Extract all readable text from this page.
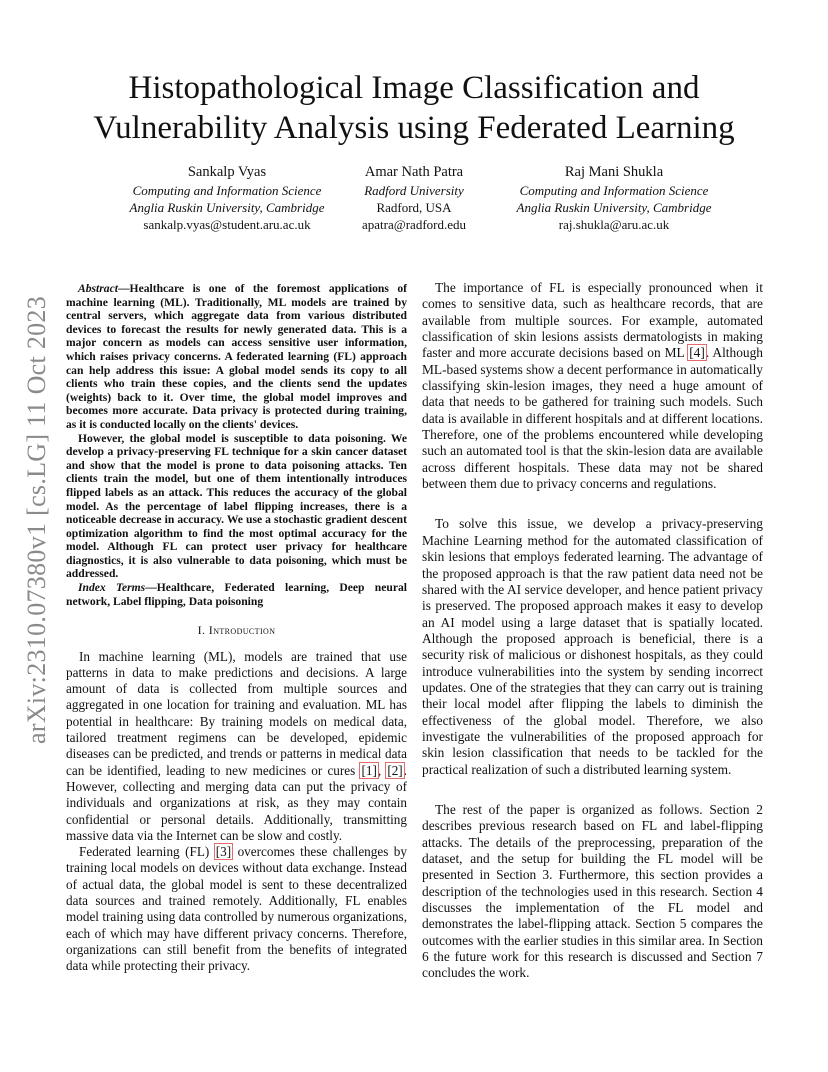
arXiv:2310.07380v1 [cs.LG] 11 Oct 2023
Histopathological Image Classification and
Vulnerability Analysis using Federated Learning
Sankalp Vyas
Computing and Information Science
Anglia Ruskin University, Cambridge
sankalp.vyas@student.aru.ac.uk
Amar Nath Patra
Radford University
Radford, USA
apatra@radford.edu
Raj Mani Shukla
Computing and Information Science
Anglia Ruskin University, Cambridge
raj.shukla@aru.ac.uk

Abstract—Healthcare is one of the foremost applications of machine learning (ML). Traditionally, ML models are trained by central servers, which aggregate data from various distributed devices to forecast the results for newly generated data. This is a major concern as models can access sensitive user information, which raises privacy concerns. A federated learning (FL) approach can help address this issue: A global model sends its copy to all clients who train these copies, and the clients send the updates (weights) back to it. Over time, the global model improves and becomes more accurate. Data privacy is protected during training, as it is conducted locally on the clients' devices.

However, the global model is susceptible to data poisoning. We develop a privacy-preserving FL technique for a skin cancer dataset and show that the model is prone to data poisoning attacks. Ten clients train the model, but one of them intentionally introduces flipped labels as an attack. This reduces the accuracy of the global model. As the percentage of label flipping increases, there is a noticeable decrease in accuracy. We use a stochastic gradient descent optimization algorithm to find the most optimal accuracy for the model. Although FL can protect user privacy for healthcare diagnostics, it is also vulnerable to data poisoning, which must be addressed.

Index Terms—Healthcare, Federated learning, Deep neural network, Label flipping, Data poisoning

I. Introduction

In machine learning (ML), models are trained that use patterns in data to make predictions and decisions. A large amount of data is collected from multiple sources and aggregated in one location for training and evaluation. ML has potential in healthcare: By training models on medical data, tailored treatment regimens can be developed, epidemic diseases can be predicted, and trends or patterns in medical data can be identified, leading to new medicines or cures [1], [2]. However, collecting and merging data can put the privacy of individuals and organizations at risk, as they may contain confidential or personal details. Additionally, transmitting massive data via the Internet can be slow and costly.

Federated learning (FL) [3] overcomes these challenges by training local models on devices without data exchange. Instead of actual data, the global model is sent to these decentralized data sources and trained remotely. Additionally, FL enables model training using data controlled by numerous organizations, each of which may have different privacy concerns. Therefore, organizations can still benefit from the benefits of integrated data while protecting their privacy.

The importance of FL is especially pronounced when it comes to sensitive data, such as healthcare records, that are available from multiple sources. For example, automated classification of skin lesions assists dermatologists in making faster and more accurate decisions based on ML [4]. Although ML-based systems show a decent performance in automatically classifying skin-lesion images, they need a huge amount of data that needs to be gathered for training such models. Such data is available in different hospitals and at different locations. Therefore, one of the problems encountered while developing such an automated tool is that the skin-lesion data are available across different hospitals. These data may not be shared between them due to privacy concerns and regulations.

To solve this issue, we develop a privacy-preserving Machine Learning method for the automated classification of skin lesions that employs federated learning. The advantage of the proposed approach is that the raw patient data need not be shared with the AI service developer, and hence patient privacy is preserved. The proposed approach makes it easy to develop an AI model using a large dataset that is spatially located. Although the proposed approach is beneficial, there is a security risk of malicious or dishonest hospitals, as they could introduce vulnerabilities into the system by sending incorrect updates. One of the strategies that they can carry out is training their local model after flipping the labels to diminish the effectiveness of the global model. Therefore, we also investigate the vulnerabilities of the proposed approach for skin lesion classification that needs to be tackled for the practical realization of such a distributed learning system.

The rest of the paper is organized as follows. Section 2 describes previous research based on FL and label-flipping attacks. The details of the preprocessing, preparation of the dataset, and the setup for building the FL model will be presented in Section 3. Furthermore, this section provides a description of the technologies used in this research. Section 4 discusses the implementation of the FL model and demonstrates the label-flipping attack. Section 5 compares the outcomes with the earlier studies in this similar area. In Section 6 the future work for this research is discussed and Section 7 concludes the work.
